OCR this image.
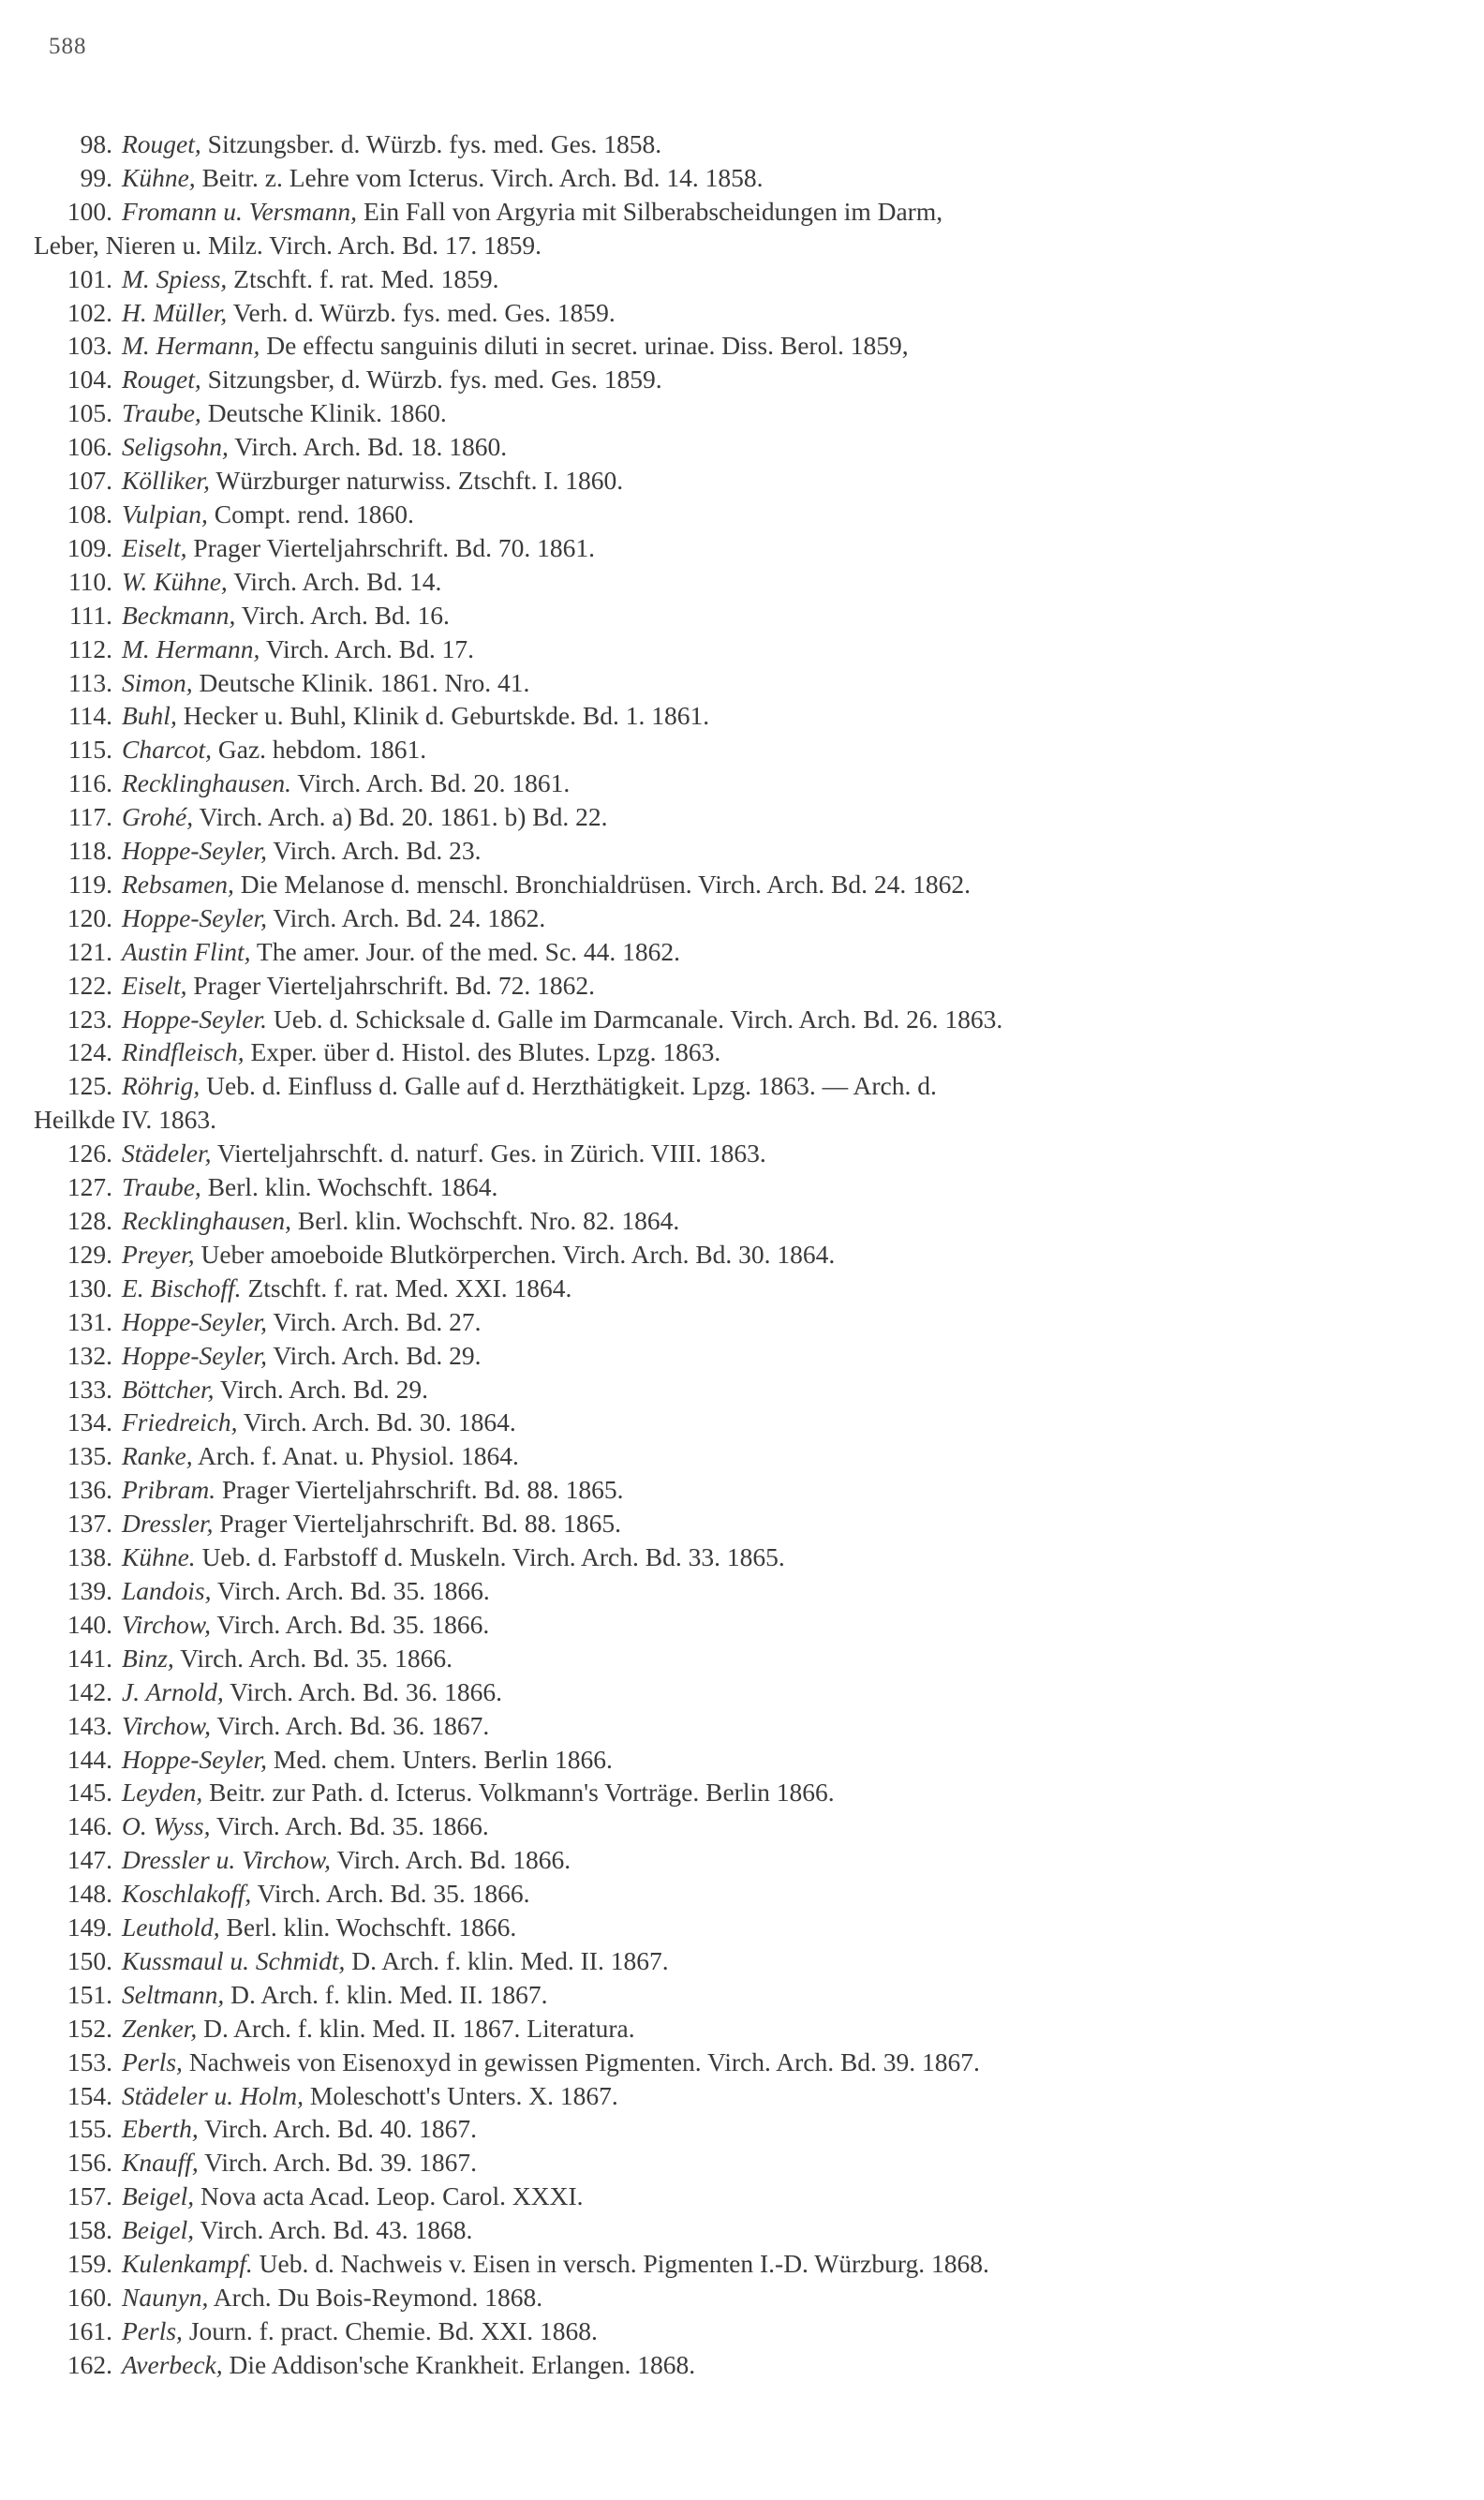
588
98. Rouget, Sitzungsber. d. Würzb. fys. med. Ges. 1858.
99. Kühne, Beitr. z. Lehre vom Icterus. Virch. Arch. Bd. 14. 1858.
100. Fromann u. Versmann, Ein Fall von Argyria mit Silberabscheidungen im Darm,
Leber, Nieren u. Milz. Virch. Arch. Bd. 17. 1859.
101. M. Spiess, Ztschft. f. rat. Med. 1859.
102. H. Müller, Verh. d. Würzb. fys. med. Ges. 1859.
103. M. Hermann, De effectu sanguinis diluti in secret. urinae. Diss. Berol. 1859,
104. Rouget, Sitzungsber, d. Würzb. fys. med. Ges. 1859.
105. Traube, Deutsche Klinik. 1860.
106. Seligsohn, Virch. Arch. Bd. 18. 1860.
107. Kölliker, Würzburger naturwiss. Ztschft. I. 1860.
108. Vulpian, Compt. rend. 1860.
109. Eiselt, Prager Vierteljahrschrift. Bd. 70. 1861.
110. W. Kühne, Virch. Arch. Bd. 14.
111. Beckmann, Virch. Arch. Bd. 16.
112. M. Hermann, Virch. Arch. Bd. 17.
113. Simon, Deutsche Klinik. 1861. Nro. 41.
114. Buhl, Hecker u. Buhl, Klinik d. Geburtskde. Bd. 1. 1861.
115. Charcot, Gaz. hebdom. 1861.
116. Recklinghausen. Virch. Arch. Bd. 20. 1861.
117. Grohé, Virch. Arch. a) Bd. 20. 1861. b) Bd. 22.
118. Hoppe-Seyler, Virch. Arch. Bd. 23.
119. Rebsamen, Die Melanose d. menschl. Bronchialdrüsen. Virch. Arch. Bd. 24. 1862.
120. Hoppe-Seyler, Virch. Arch. Bd. 24. 1862.
121. Austin Flint, The amer. Jour. of the med. Sc. 44. 1862.
122. Eiselt, Prager Vierteljahrschrift. Bd. 72. 1862.
123. Hoppe-Seyler. Ueb. d. Schicksale d. Galle im Darmcanale. Virch. Arch. Bd. 26. 1863.
124. Rindfleisch, Exper. über d. Histol. des Blutes. Lpzg. 1863.
125. Röhrig, Ueb. d. Einfluss d. Galle auf d. Herzthätigkeit. Lpzg. 1863. — Arch. d.
Heilkde IV. 1863.
126. Städeler, Vierteljahrschft. d. naturf. Ges. in Zürich. VIII. 1863.
127. Traube, Berl. klin. Wochschft. 1864.
128. Recklinghausen, Berl. klin. Wochschft. Nro. 82. 1864.
129. Preyer, Ueber amoeboide Blutkörperchen. Virch. Arch. Bd. 30. 1864.
130. E. Bischoff. Ztschft. f. rat. Med. XXI. 1864.
131. Hoppe-Seyler, Virch. Arch. Bd. 27.
132. Hoppe-Seyler, Virch. Arch. Bd. 29.
133. Böttcher, Virch. Arch. Bd. 29.
134. Friedreich, Virch. Arch. Bd. 30. 1864.
135. Ranke, Arch. f. Anat. u. Physiol. 1864.
136. Pribram. Prager Vierteljahrschrift. Bd. 88. 1865.
137. Dressler, Prager Vierteljahrschrift. Bd. 88. 1865.
138. Kühne. Ueb. d. Farbstoff d. Muskeln. Virch. Arch. Bd. 33. 1865.
139. Landois, Virch. Arch. Bd. 35. 1866.
140. Virchow, Virch. Arch. Bd. 35. 1866.
141. Binz, Virch. Arch. Bd. 35. 1866.
142. J. Arnold, Virch. Arch. Bd. 36. 1866.
143. Virchow, Virch. Arch. Bd. 36. 1867.
144. Hoppe-Seyler, Med. chem. Unters. Berlin 1866.
145. Leyden, Beitr. zur Path. d. Icterus. Volkmann's Vorträge. Berlin 1866.
146. O. Wyss, Virch. Arch. Bd. 35. 1866.
147. Dressler u. Virchow, Virch. Arch. Bd. 1866.
148. Koschlakoff, Virch. Arch. Bd. 35. 1866.
149. Leuthold, Berl. klin. Wochschft. 1866.
150. Kussmaul u. Schmidt, D. Arch. f. klin. Med. II. 1867.
151. Seltmann, D. Arch. f. klin. Med. II. 1867.
152. Zenker, D. Arch. f. klin. Med. II. 1867. Literatura.
153. Perls, Nachweis von Eisenoxyd in gewissen Pigmenten. Virch. Arch. Bd. 39. 1867.
154. Städeler u. Holm, Moleschott's Unters. X. 1867.
155. Eberth, Virch. Arch. Bd. 40. 1867.
156. Knauff, Virch. Arch. Bd. 39. 1867.
157. Beigel, Nova acta Acad. Leop. Carol. XXXI.
158. Beigel, Virch. Arch. Bd. 43. 1868.
159. Kulenkampf. Ueb. d. Nachweis v. Eisen in versch. Pigmenten I.-D. Würzburg. 1868.
160. Naunyn, Arch. Du Bois-Reymond. 1868.
161. Perls, Journ. f. pract. Chemie. Bd. XXI. 1868.
162. Averbeck, Die Addison'sche Krankheit. Erlangen. 1868.
